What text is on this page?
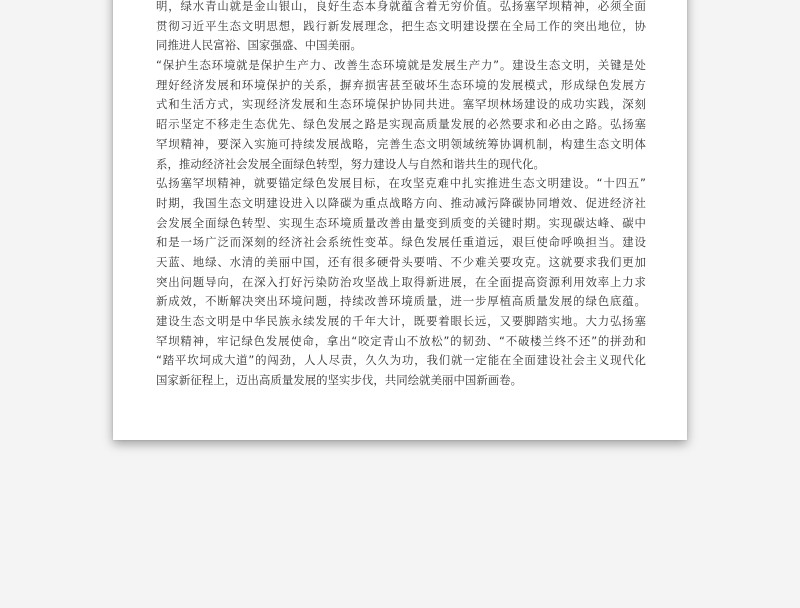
明，绿水青山就是金山银山，良好生态本身就蕴含着无穷价值。弘扬塞罕坝精神，必须全面
贯彻习近平生态文明思想，践行新发展理念，把生态文明建设摆在全局工作的突出地位，协
同推进人民富裕、国家强盛、中国美丽。
“保护生态环境就是保护生产力、改善生态环境就是发展生产力”。建设生态文明，关键是处
理好经济发展和环境保护的关系，摒弃损害甚至破坏生态环境的发展模式，形成绿色发展方
式和生活方式，实现经济发展和生态环境保护协同共进。塞罕坝林场建设的成功实践，深刻
昭示坚定不移走生态优先、绿色发展之路是实现高质量发展的必然要求和必由之路。弘扬塞
罕坝精神，要深入实施可持续发展战略，完善生态文明领域统筹协调机制，构建生态文明体
系，推动经济社会发展全面绿色转型，努力建设人与自然和谐共生的现代化。
弘扬塞罕坝精神，就要锚定绿色发展目标，在攻坚克难中扎实推进生态文明建设。“十四五”
时期，我国生态文明建设进入以降碳为重点战略方向、推动减污降碳协同增效、促进经济社
会发展全面绿色转型、实现生态环境质量改善由量变到质变的关键时期。实现碳达峰、碳中
和是一场广泛而深刻的经济社会系统性变革。绿色发展任重道远，艰巨使命呼唤担当。建设
天蓝、地绿、水清的美丽中国，还有很多硬骨头要啃、不少难关要攻克。这就要求我们更加
突出问题导向，在深入打好污染防治攻坚战上取得新进展，在全面提高资源利用效率上力求
新成效，不断解决突出环境问题，持续改善环境质量，进一步厚植高质量发展的绿色底蕴。
建设生态文明是中华民族永续发展的千年大计，既要着眼长远，又要脚踏实地。大力弘扬塞
罕坝精神，牢记绿色发展使命，拿出“咬定青山不放松”的韧劲、“不破楼兰终不还”的拼劲和
“踏平坎坷成大道”的闯劲，人人尽责，久久为功，我们就一定能在全面建设社会主义现代化
国家新征程上，迈出高质量发展的坚实步伐，共同绘就美丽中国新画卷。
